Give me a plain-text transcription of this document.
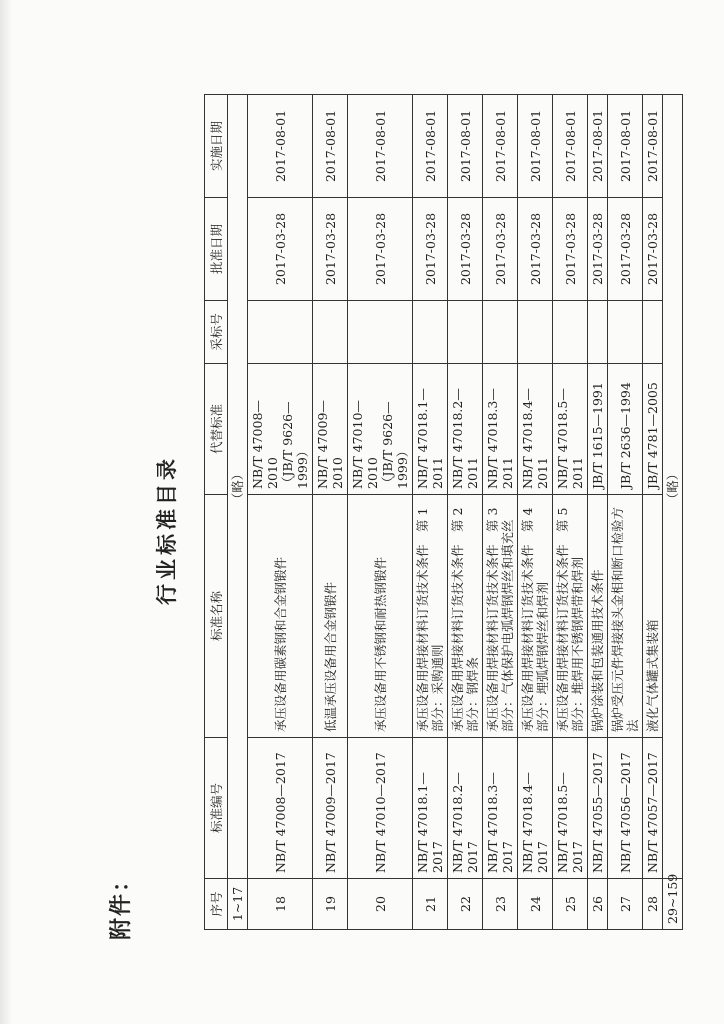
附件：
行业标准目录
序号	标准编号	标准名称	代替标准	采标号	批准日期	实施日期
1~17	（略）					
18	NB/T 47008—2017	承压设备用碳素钢和合金钢锻件	NB/T 47008—2010 （JB/T 9626—1999）		2017-03-28	2017-08-01
19	NB/T 47009—2017	低温承压设备用合金钢锻件	NB/T 47009—2010		2017-03-28	2017-08-01
20	NB/T 47010—2017	承压设备用不锈钢和耐热钢锻件	NB/T 47010—2010 （JB/T 9626—1999）		2017-03-28	2017-08-01
21	NB/T 47018.1—2017	承压设备用焊接材料订货技术条件　第 1 部分：采购通则	NB/T 47018.1—2011		2017-03-28	2017-08-01
22	NB/T 47018.2—2017	承压设备用焊接材料订货技术条件　第 2 部分：钢焊条	NB/T 47018.2—2011		2017-03-28	2017-08-01
23	NB/T 47018.3—2017	承压设备用焊接材料订货技术条件　第 3 部分：气体保护电弧焊钢焊丝和填充丝	NB/T 47018.3—2011		2017-03-28	2017-08-01
24	NB/T 47018.4—2017	承压设备用焊接材料订货技术条件　第 4 部分：埋弧焊钢焊丝和焊剂	NB/T 47018.4—2011		2017-03-28	2017-08-01
25	NB/T 47018.5—2017	承压设备用焊接材料订货技术条件　第 5 部分：堆焊用不锈钢焊带和焊剂	NB/T 47018.5—2011		2017-03-28	2017-08-01
26	NB/T 47055—2017	锅炉涂装和包装通用技术条件	JB/T 1615—1991		2017-03-28	2017-08-01
27	NB/T 47056—2017	锅炉受压元件焊接接头金相和断口检验方法	JB/T 2636—1994		2017-03-28	2017-08-01
28	NB/T 47057—2017	液化气体罐式集装箱	JB/T 4781—2005		2017-03-28	2017-08-01
29~159	（略）					
